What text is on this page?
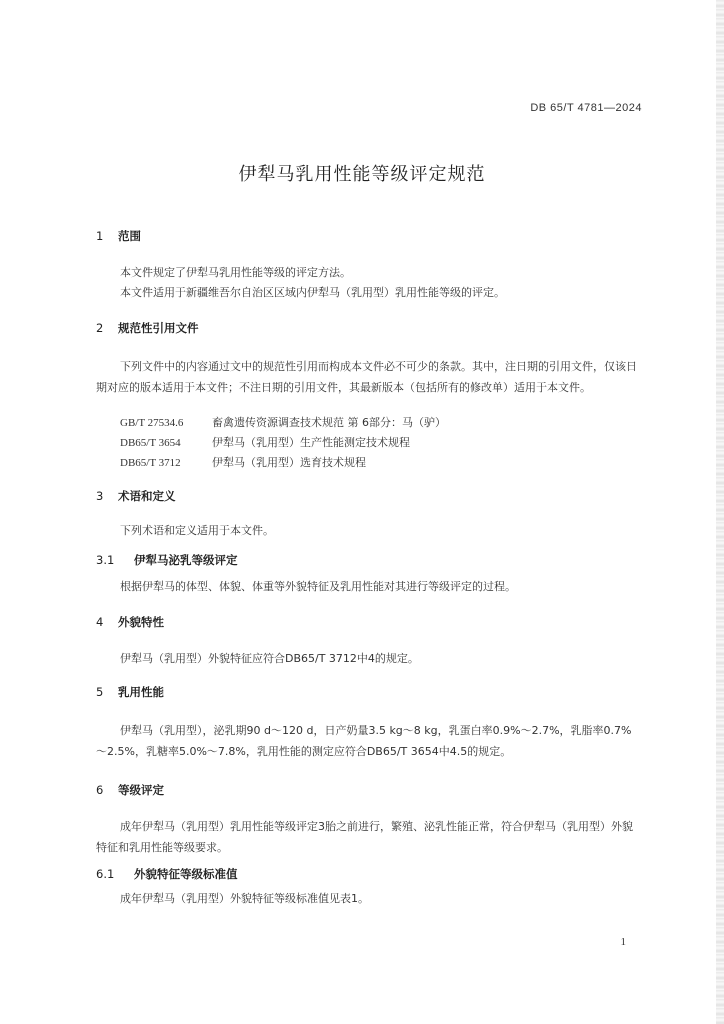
DB 65/T 4781—2024
伊犁马乳用性能等级评定规范
1 范围
本文件规定了伊犁马乳用性能等级的评定方法。
本文件适用于新疆维吾尔自治区区域内伊犁马（乳用型）乳用性能等级的评定。
2 规范性引用文件
下列文件中的内容通过文中的规范性引用而构成本文件必不可少的条款。其中，注日期的引用文件，仅该日期对应的版本适用于本文件；不注日期的引用文件，其最新版本（包括所有的修改单）适用于本文件。
GB/T 27534.6	畜禽遗传资源调查技术规范 第 6部分：马（驴）
DB65/T 3654	伊犁马（乳用型）生产性能测定技术规程
DB65/T 3712	伊犁马（乳用型）选育技术规程
3 术语和定义
下列术语和定义适用于本文件。
3.1 伊犁马泌乳等级评定
根据伊犁马的体型、体貌、体重等外貌特征及乳用性能对其进行等级评定的过程。
4 外貌特性
伊犁马（乳用型）外貌特征应符合DB65/T 3712中4的规定。
5 乳用性能
伊犁马（乳用型），泌乳期90 d～120 d，日产奶量3.5 kg～8 kg，乳蛋白率0.9%～2.7%，乳脂率0.7%～2.5%，乳糖率5.0%～7.8%，乳用性能的测定应符合DB65/T 3654中4.5的规定。
6 等级评定
成年伊犁马（乳用型）乳用性能等级评定3胎之前进行，繁殖、泌乳性能正常，符合伊犁马（乳用型）外貌特征和乳用性能等级要求。
6.1 外貌特征等级标准值
成年伊犁马（乳用型）外貌特征等级标准值见表1。
1
